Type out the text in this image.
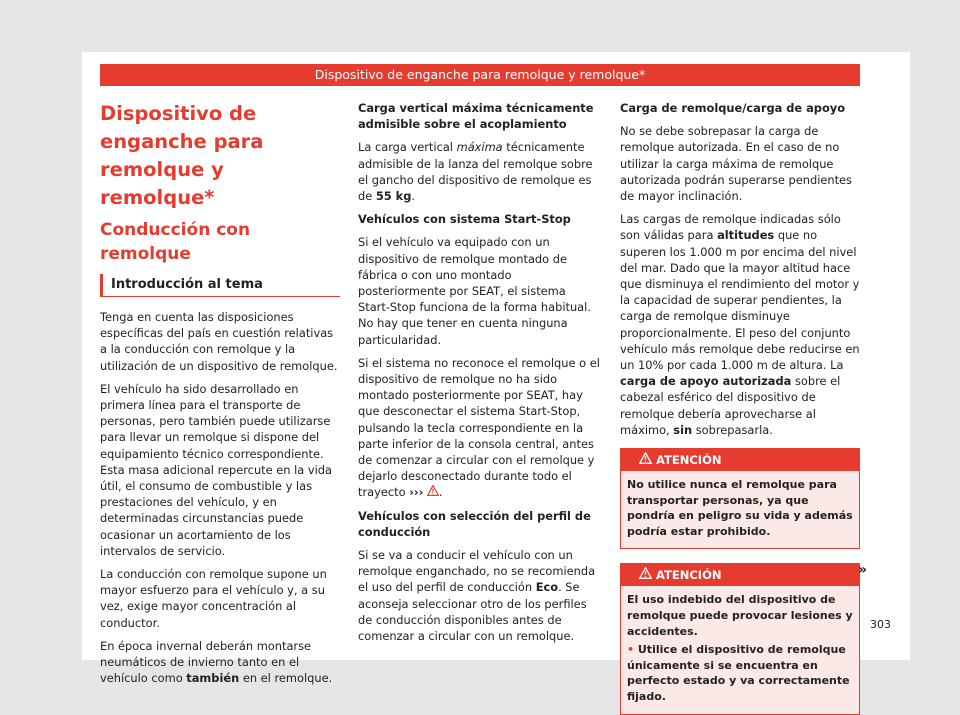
Dispositivo de enganche para remolque y remolque*
Dispositivo de enganche para remolque y remolque*
Conducción con remolque
Introducción al tema

Tenga en cuenta las disposiciones específicas del país en cuestión relativas a la conducción con remolque y la utilización de un dispositivo de remolque.

El vehículo ha sido desarrollado en primera línea para el transporte de personas, pero también puede utilizarse para llevar un remolque si dispone del equipamiento técnico correspondiente. Esta masa adicional repercute en la vida útil, el consumo de combustible y las prestaciones del vehículo, y en determinadas circunstancias puede ocasionar un acortamiento de los intervalos de servicio.

La conducción con remolque supone un mayor esfuerzo para el vehículo y, a su vez, exige mayor concentración al conductor.

En época invernal deberán montarse neumáticos de invierno tanto en el vehículo como también en el remolque.

Carga vertical máxima técnicamente admisible sobre el acoplamiento

La carga vertical máxima técnicamente admisible de la lanza del remolque sobre el gancho del dispositivo de remolque es de 55 kg.

Vehículos con sistema Start-Stop

Si el vehículo va equipado con un dispositivo de remolque montado de fábrica o con uno montado posteriormente por SEAT, el sistema Start-Stop funciona de la forma habitual. No hay que tener en cuenta ninguna particularidad.

Si el sistema no reconoce el remolque o el dispositivo de remolque no ha sido montado posteriormente por SEAT, hay que desconectar el sistema Start-Stop, pulsando la tecla correspondiente en la parte inferior de la consola central, antes de comenzar a circular con el remolque y dejarlo desconectado durante todo el trayecto ››› .

Vehículos con selección del perfil de conducción

Si se va a conducir el vehículo con un remolque enganchado, no se recomienda el uso del perfil de conducción Eco. Se aconseja seleccionar otro de los perfiles de conducción disponibles antes de comenzar a circular con un remolque.

Carga de remolque/carga de apoyo

No se debe sobrepasar la carga de remolque autorizada. En el caso de no utilizar la carga máxima de remolque autorizada podrán superarse pendientes de mayor inclinación.

Las cargas de remolque indicadas sólo son válidas para altitudes que no superen los 1.000 m por encima del nivel del mar. Dado que la mayor altitud hace que disminuya el rendimiento del motor y la capacidad de superar pendientes, la carga de remolque disminuye proporcionalmente. El peso del conjunto vehículo más remolque debe reducirse en un 10% por cada 1.000 m de altura. La carga de apoyo autorizada sobre el cabezal esférico del dispositivo de remolque debería aprovecharse al máximo, sin sobrepasarla.

ATENCIÓN

No utilice nunca el remolque para transportar personas, ya que pondría en peligro su vida y además podría estar prohibido.

ATENCIÓN

El uso indebido del dispositivo de remolque puede provocar lesiones y accidentes.

• Utilice el dispositivo de remolque únicamente si se encuentra en perfecto estado y va correctamente fijado.

»
303
